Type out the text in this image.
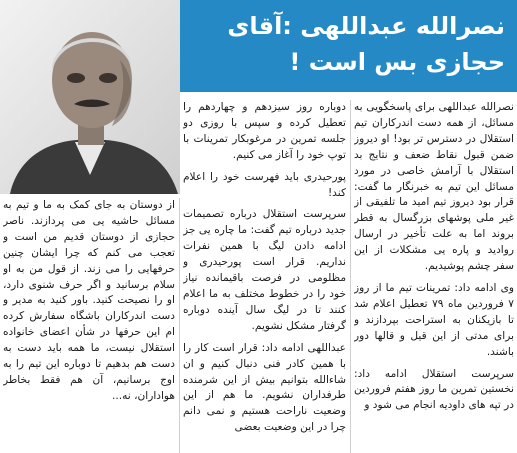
نصرالله عبداللهی :آقای حجازی بس است !

نصرالله عبداللهی برای پاسخگویی به مسائل، از همه دست اندرکاران تیم استقلال در دسترس تر بود! او دیروز ضمن قبول نقاط ضعف و نتایج بد استقلال با آرامش خاصی در مورد مسائل این تیم به خبرنگار ما گفت: قرار بود دیروز تیم امید ما تلفیقی از غیر ملی پوشهای بزرگسال به قطر بروند اما به علت تأخیر در ارسال روادید و پاره یی مشکلات از این سفر چشم پوشیدیم.

وی ادامه داد: تمرینات تیم ما از روز ۷ فروردین ماه ۷۹ تعطیل اعلام شد تا بازیکنان به استراحت بپردازند و برای مدتی از این قیل و قالها دور باشند.

سرپرست استقلال ادامه داد: نخستین تمرین ما روز هفتم فروردین در تپه های داودیه انجام می شود و

دوباره روز سیزدهم و چهاردهم را تعطیل کرده و سپس با روزی دو جلسه تمرین در مرغوبکار تمرینات با توپ خود را آغاز می کنیم.

پورحیدری باید فهرست خود را اعلام کند!

سرپرست استقلال درباره تصمیمات جدید درباره تیم گفت: ما چاره یی جز ادامه دادن لیگ با همین نفرات نداریم. قرار است پورحیدری و مظلومی در فرصت باقیمانده نیاز خود را در خطوط مختلف به ما اعلام کنند تا در لیگ سال آینده دوباره گرفتار مشکل نشویم.

عبداللهی ادامه داد: قرار است کار را با همین کادر فنی دنبال کنیم و ان شاءالله بتوانیم بیش از این شرمنده طرفداران نشویم. ما هم از این وضعیت ناراحت هستیم و نمی دانم چرا در این وضعیت بعضی

از دوستان به جای کمک به ما و تیم به مسائل حاشیه یی می پردازند. ناصر حجازی از دوستان قدیم من است و تعجب می کنم که چرا ایشان چنین حرفهایی را می زند. از قول من به او سلام برسانید و اگر حرف شنوی دارد، او را نصیحت کنید. باور کنید به مدیر و دست اندرکاران باشگاه سفارش کرده ام این حرفها در شأن اعضای خانواده استقلال نیست، ما همه باید دست به دست هم بدهیم تا دوباره این تیم را به اوج برسانیم، آن هم فقط بخاطر هواداران، نه...
